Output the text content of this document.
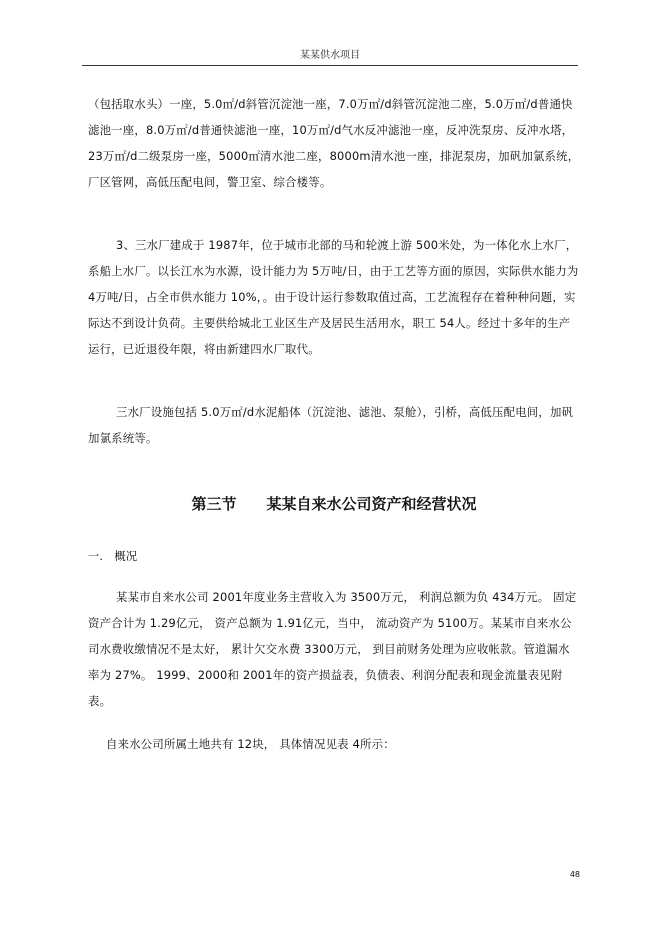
某某供水项目

（包括取水头）一座，5.0㎡/d斜管沉淀池一座，7.0万㎡/d斜管沉淀池二座，5.0万㎡/d普通快滤池一座，8.0万㎡/d普通快滤池一座，10万㎡/d气水反冲滤池一座，反冲洗泵房、反冲水塔，23万㎡/d二级泵房一座，5000㎡清水池二座，8000m清水池一座，排泥泵房，加矾加氯系统，厂区管网，高低压配电间，警卫室、综合楼等。

3、三水厂建成于 1987年，位于城市北部的马和轮渡上游 500米处，为一体化水上水厂，系船上水厂。以长江水为水源，设计能力为 5万吨/日，由于工艺等方面的原因，实际供水能力为 4万吨/日，占全市供水能力 10%，。由于设计运行参数取值过高，工艺流程存在着种种问题，实际达不到设计负荷。主要供给城北工业区生产及居民生活用水，职工 54人。经过十多年的生产运行，已近退役年限，将由新建四水厂取代。

三水厂设施包括 5.0万㎡/d水泥船体（沉淀池、滤池、泵舱），引桥，高低压配电间，加矾加氯系统等。

第三节　　某某自来水公司资产和经营状况
一.　概况

某某市自来水公司 2001年度业务主营收入为 3500万元， 利润总额为负 434万元。 固定资产合计为 1.29亿元， 资产总额为 1.91亿元，当中， 流动资产为 5100万。某某市自来水公司水费收缴情况不是太好， 累计欠交水费 3300万元， 到目前财务处理为应收帐款。管道漏水率为 27%。 1999、2000和 2001年的资产损益表，负债表、利润分配表和现金流量表见附表。

自来水公司所属土地共有 12块， 具体情况见表 4所示：

48
